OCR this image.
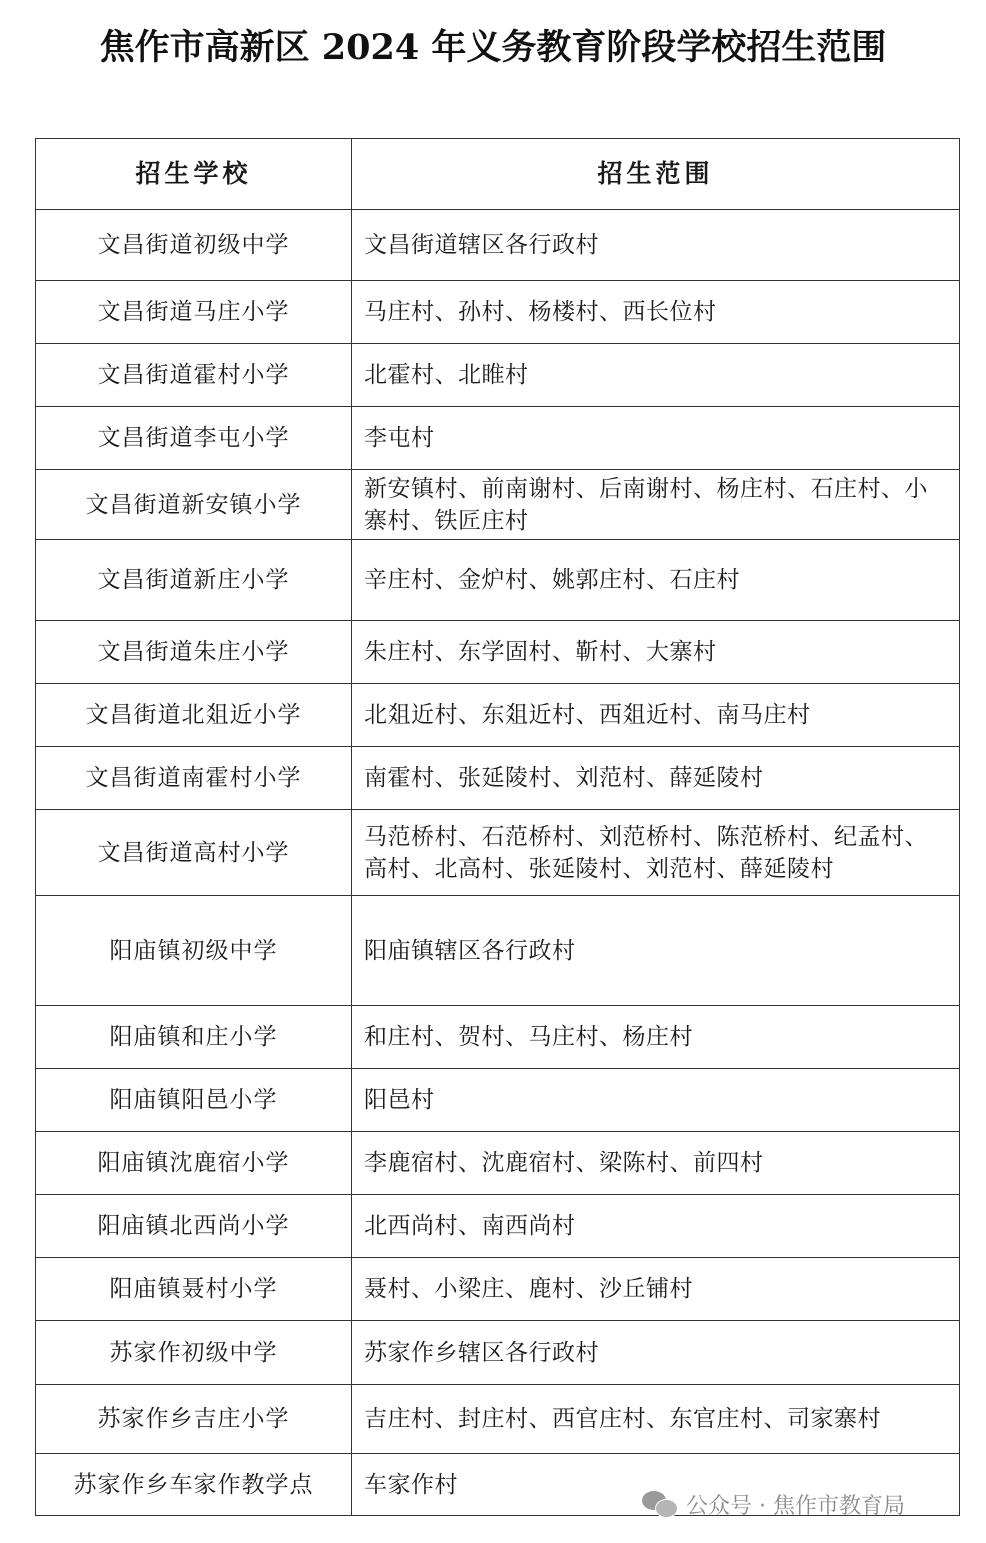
焦作市高新区 2024 年义务教育阶段学校招生范围
招生学校	招生范围
文昌街道初级中学	文昌街道辖区各行政村
文昌街道马庄小学	马庄村、孙村、杨楼村、西长位村
文昌街道霍村小学	北霍村、北睢村
文昌街道李屯小学	李屯村
文昌街道新安镇小学	新安镇村、前南谢村、后南谢村、杨庄村、石庄村、小寨村、铁匠庄村
文昌街道新庄小学	辛庄村、金炉村、姚郭庄村、石庄村
文昌街道朱庄小学	朱庄村、东学固村、靳村、大寨村
文昌街道北爼近小学	北爼近村、东爼近村、西爼近村、南马庄村
文昌街道南霍村小学	南霍村、张延陵村、刘范村、薛延陵村
文昌街道高村小学	马范桥村、石范桥村、刘范桥村、陈范桥村、纪孟村、高村、北高村、张延陵村、刘范村、薛延陵村
阳庙镇初级中学	阳庙镇辖区各行政村
阳庙镇和庄小学	和庄村、贺村、马庄村、杨庄村
阳庙镇阳邑小学	阳邑村
阳庙镇沈鹿宿小学	李鹿宿村、沈鹿宿村、梁陈村、前四村
阳庙镇北西尚小学	北西尚村、南西尚村
阳庙镇聂村小学	聂村、小梁庄、鹿村、沙丘铺村
苏家作初级中学	苏家作乡辖区各行政村
苏家作乡吉庄小学	吉庄村、封庄村、西官庄村、东官庄村、司家寨村
苏家作乡车家作教学点	车家作村
公众号 · 焦作市教育局
